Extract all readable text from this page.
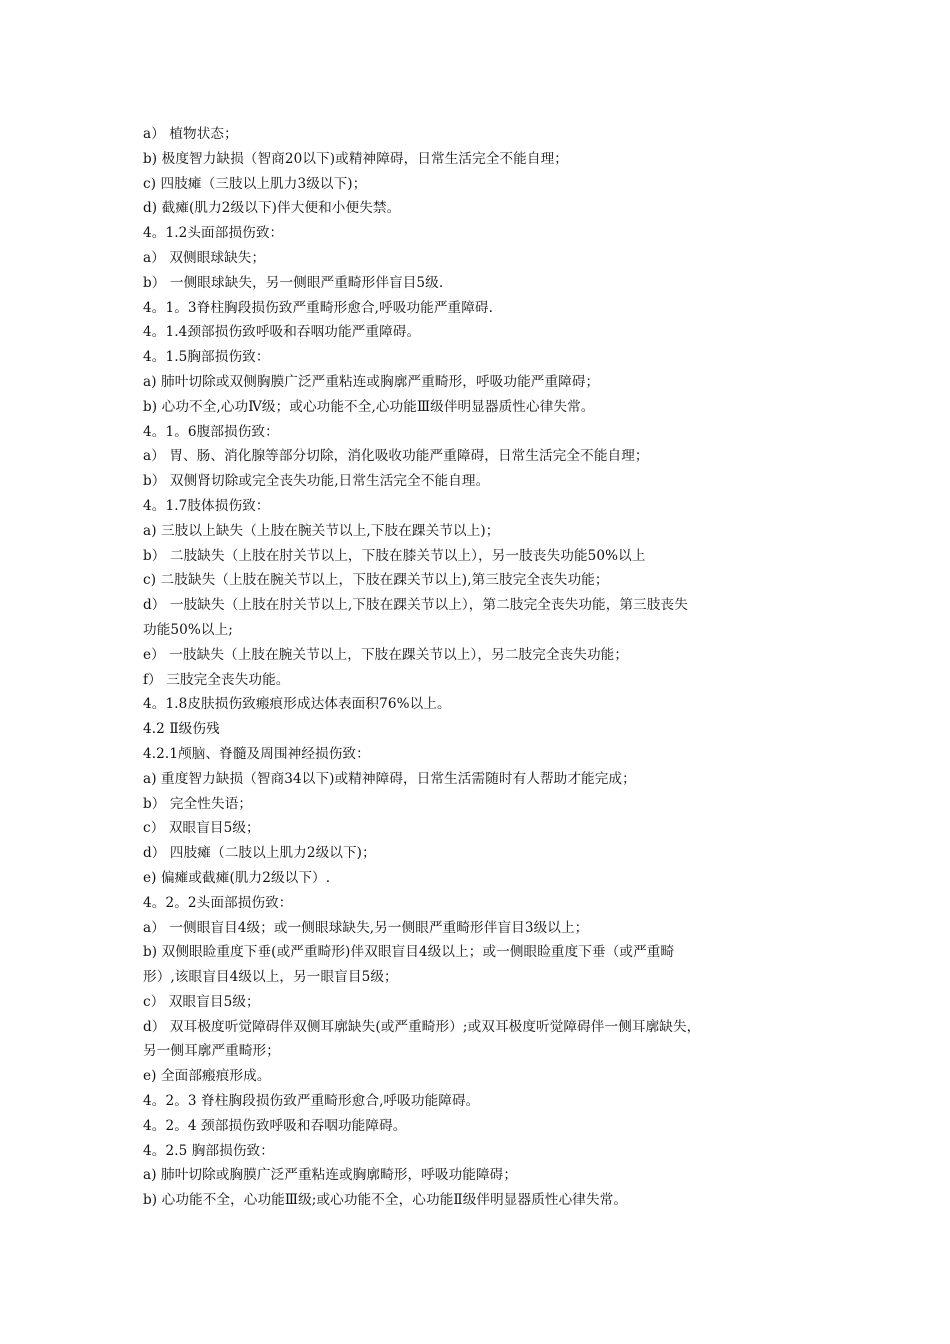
a） 植物状态；
b) 极度智力缺损（智商20以下)或精神障碍，日常生活完全不能自理；
c) 四肢瘫（三肢以上肌力3级以下)；
d) 截瘫(肌力2级以下)伴大便和小便失禁。
4。1.2头面部损伤致：
a） 双侧眼球缺失；
b） 一侧眼球缺失，另一侧眼严重畸形伴盲目5级.
4。1。3脊柱胸段损伤致严重畸形愈合,呼吸功能严重障碍.
4。1.4颈部损伤致呼吸和吞咽功能严重障碍。
4。1.5胸部损伤致：
a) 肺叶切除或双侧胸膜广泛严重粘连或胸廓严重畸形，呼吸功能严重障碍；
b) 心功不全,心功Ⅳ级；或心功能不全,心功能Ⅲ级伴明显器质性心律失常。
4。1。6腹部损伤致：
a） 胃、肠、消化腺等部分切除，消化吸收功能严重障碍，日常生活完全不能自理；
b） 双侧肾切除或完全丧失功能,日常生活完全不能自理。
4。1.7肢体损伤致：
a) 三肢以上缺失（上肢在腕关节以上,下肢在踝关节以上)；
b） 二肢缺失（上肢在肘关节以上，下肢在膝关节以上），另一肢丧失功能50%以上
c) 二肢缺失（上肢在腕关节以上，下肢在踝关节以上),第三肢完全丧失功能；
d） 一肢缺失（上肢在肘关节以上,下肢在踝关节以上），第二肢完全丧失功能，第三肢丧失
功能50%以上;
e） 一肢缺失（上肢在腕关节以上，下肢在踝关节以上），另二肢完全丧失功能；
f） 三肢完全丧失功能。
4。1.8皮肤损伤致瘢痕形成达体表面积76%以上。
4.2 Ⅱ级伤残
4.2.1颅脑、脊髓及周围神经损伤致：
a) 重度智力缺损（智商34以下)或精神障碍，日常生活需随时有人帮助才能完成；
b） 完全性失语；
c） 双眼盲目5级；
d） 四肢瘫（二肢以上肌力2级以下)；
e) 偏瘫或截瘫(肌力2级以下）.
4。2。2头面部损伤致：
a） 一侧眼盲目4级；或一侧眼球缺失,另一侧眼严重畸形伴盲目3级以上；
b) 双侧眼睑重度下垂(或严重畸形)伴双眼盲目4级以上；或一侧眼睑重度下垂（或严重畸
形）,该眼盲目4级以上，另一眼盲目5级；
c） 双眼盲目5级；
d） 双耳极度听觉障碍伴双侧耳廓缺失(或严重畸形）;或双耳极度听觉障碍伴一侧耳廓缺失，
另一侧耳廓严重畸形；
e) 全面部瘢痕形成。
4。2。3 脊柱胸段损伤致严重畸形愈合,呼吸功能障碍。
4。2。4 颈部损伤致呼吸和吞咽功能障碍。
4。2.5 胸部损伤致：
a) 肺叶切除或胸膜广泛严重粘连或胸廓畸形，呼吸功能障碍；
b) 心功能不全，心功能Ⅲ级;或心功能不全，心功能Ⅱ级伴明显器质性心律失常。
